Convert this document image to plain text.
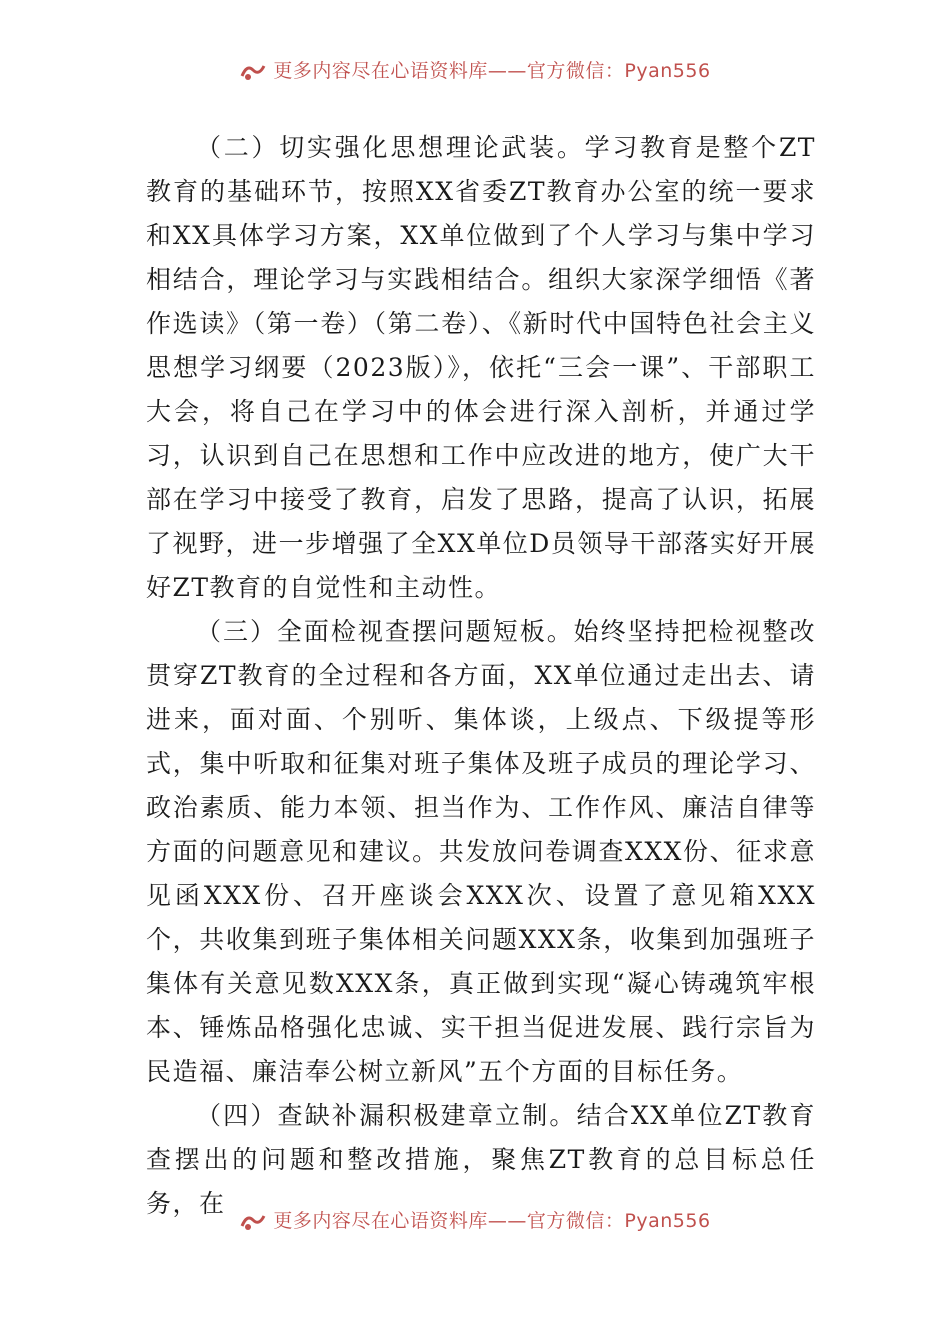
更多内容尽在心语资料库——官方微信：Pyan556

（二）切实强化思想理论武装。学习教育是整个ZT教育的基础环节，按照XX省委ZT教育办公室的统一要求和XX具体学习方案，XX单位做到了个人学习与集中学习相结合，理论学习与实践相结合。组织大家深学细悟《著作选读》（第一卷）（第二卷）、《新时代中国特色社会主义思想学习纲要（2023版）》，依托“三会一课”、干部职工大会，将自己在学习中的体会进行深入剖析，并通过学习，认识到自己在思想和工作中应改进的地方，使广大干部在学习中接受了教育，启发了思路，提高了认识，拓展了视野，进一步增强了全XX单位D员领导干部落实好开展好ZT教育的自觉性和主动性。

（三）全面检视查摆问题短板。始终坚持把检视整改贯穿ZT教育的全过程和各方面，XX单位通过走出去、请进来，面对面、个别听、集体谈，上级点、下级提等形式，集中听取和征集对班子集体及班子成员的理论学习、政治素质、能力本领、担当作为、工作作风、廉洁自律等方面的问题意见和建议。共发放问卷调查XXX份、征求意见函XXX份、召开座谈会XXX次、设置了意见箱XXX个，共收集到班子集体相关问题XXX条，收集到加强班子集体有关意见数XXX条，真正做到实现“凝心铸魂筑牢根本、锤炼品格强化忠诚、实干担当促进发展、践行宗旨为民造福、廉洁奉公树立新风”五个方面的目标任务。

（四）查缺补漏积极建章立制。结合XX单位ZT教育查摆出的问题和整改措施，聚焦ZT教育的总目标总任务，在

更多内容尽在心语资料库——官方微信：Pyan556
